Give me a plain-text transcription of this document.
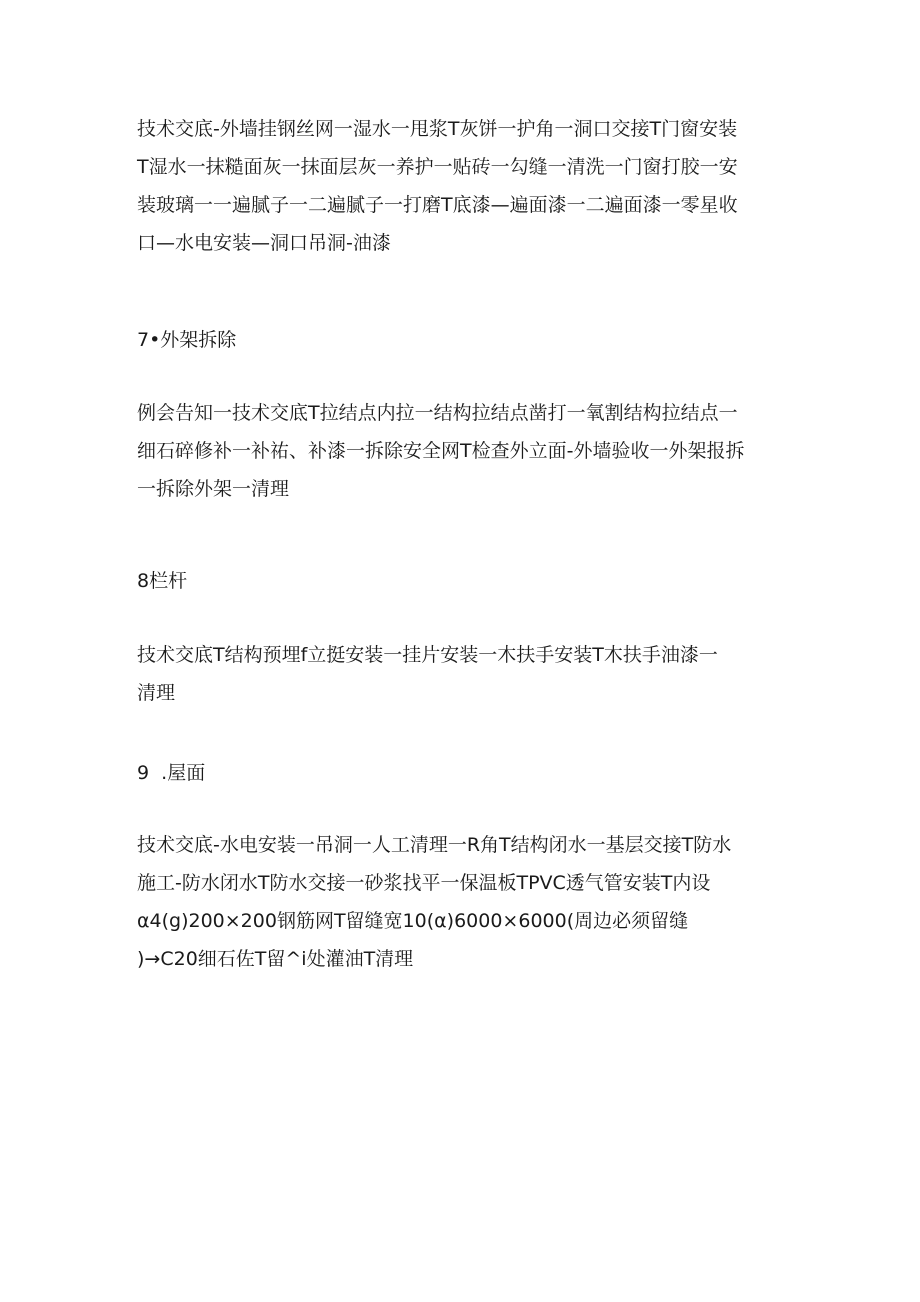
技术交底-外墙挂钢丝网一湿水一甩浆T灰饼一护角一洞口交接T门窗安装
T湿水一抹糙面灰一抹面层灰一养护一贴砖一勾缝一清洗一门窗打胶一安
装玻璃一一遍腻子一二遍腻子一打磨T底漆—遍面漆一二遍面漆一零星收
口—水电安装—洞口吊洞-油漆
7•外架拆除
例会告知一技术交底T拉结点内拉一结构拉结点凿打一氧割结构拉结点一
细石碎修补一补祐、补漆一拆除安全网T检查外立面-外墙验收一外架报拆
一拆除外架一清理
8栏杆
技术交底T结构预埋f立挺安装一挂片安装一木扶手安装T木扶手油漆一
清理
9  .屋面
技术交底-水电安装一吊洞一人工清理一R角T结构闭水一基层交接T防水
施工-防水闭水T防水交接一砂浆找平一保温板TPVC透气管安装T内设
α4(g)200×200钢筋网T留缝宽10(α)6000×6000(周边必须留缝
)→C20细石佐T留^i处灌油T清理
